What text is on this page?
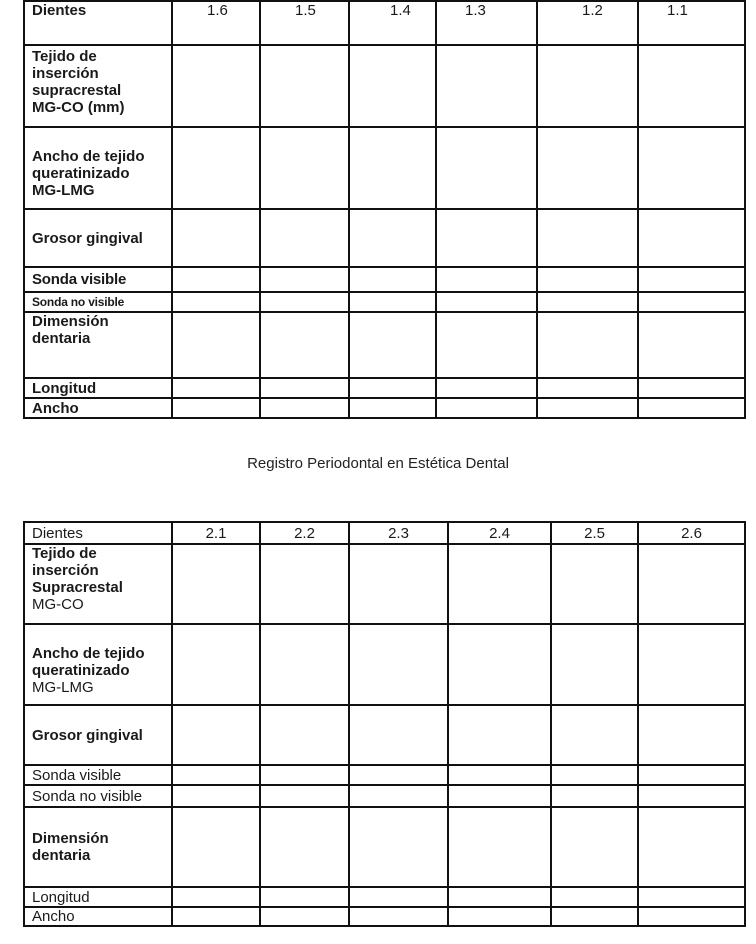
Dientes	1.6	1.5	1.4	1.3	1.2	1.1

Tejido de
inserción
supracrestal
MG-CO (mm)						

Ancho de tejido
queratinizado
MG-LMG						

Grosor gingival						
Sonda visible						
Sonda no visible						

Dimensión
dentaria						

Longitud						
Ancho						
Registro Periodontal en Estética Dental
Dientes	2.1	2.2	2.3	2.4	2.5	2.6

Tejido de
inserción
Supracrestal
MG-CO						

Ancho de tejido
queratinizado
MG-LMG						

Grosor gingival						
Sonda visible						
Sonda no visible						

Dimensión
dentaria						

Longitud						
Ancho						
